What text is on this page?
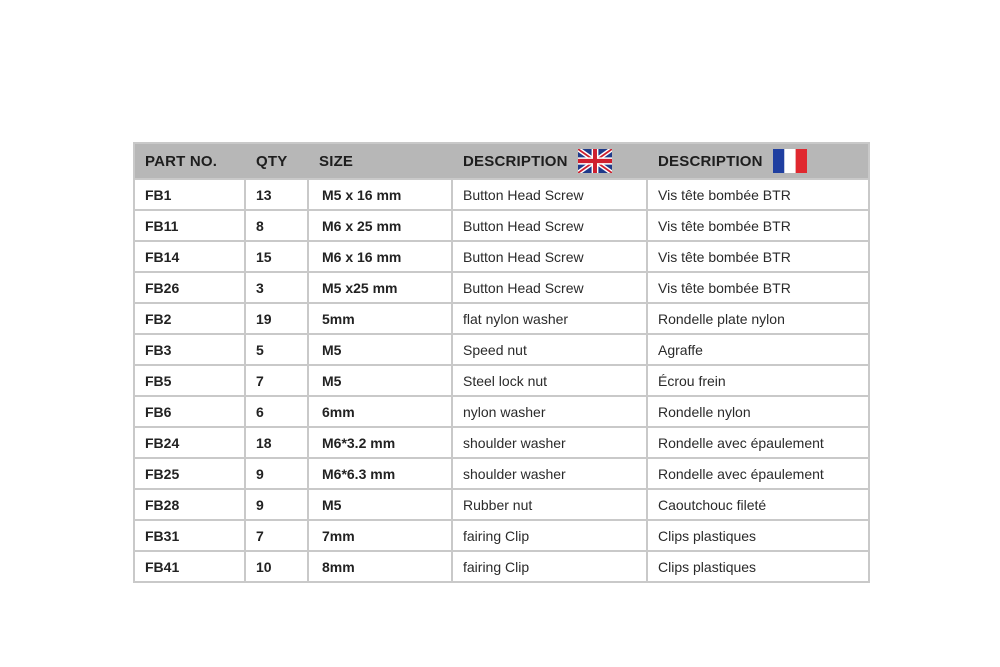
PART NO.	QTY	SIZE	DESCRIPTION	DESCRIPTION

FB1	13	M5 x 16 mm	Button Head Screw	Vis tête bombée BTR
FB11	8	M6 x 25 mm	Button Head Screw	Vis tête bombée BTR
FB14	15	M6 x 16 mm	Button Head Screw	Vis tête bombée BTR
FB26	3	M5 x25 mm	Button Head Screw	Vis tête bombée BTR
FB2	19	5mm	flat nylon washer	Rondelle plate nylon
FB3	5	M5	Speed nut	Agraffe
FB5	7	M5	Steel lock nut	Écrou frein
FB6	6	6mm	nylon washer	Rondelle nylon
FB24	18	M6*3.2 mm	shoulder washer	Rondelle avec épaulement
FB25	9	M6*6.3 mm	shoulder washer	Rondelle avec épaulement
FB28	9	M5	Rubber nut	Caoutchouc fileté
FB31	7	7mm	fairing Clip	Clips plastiques
FB41	10	8mm	fairing Clip	Clips plastiques
